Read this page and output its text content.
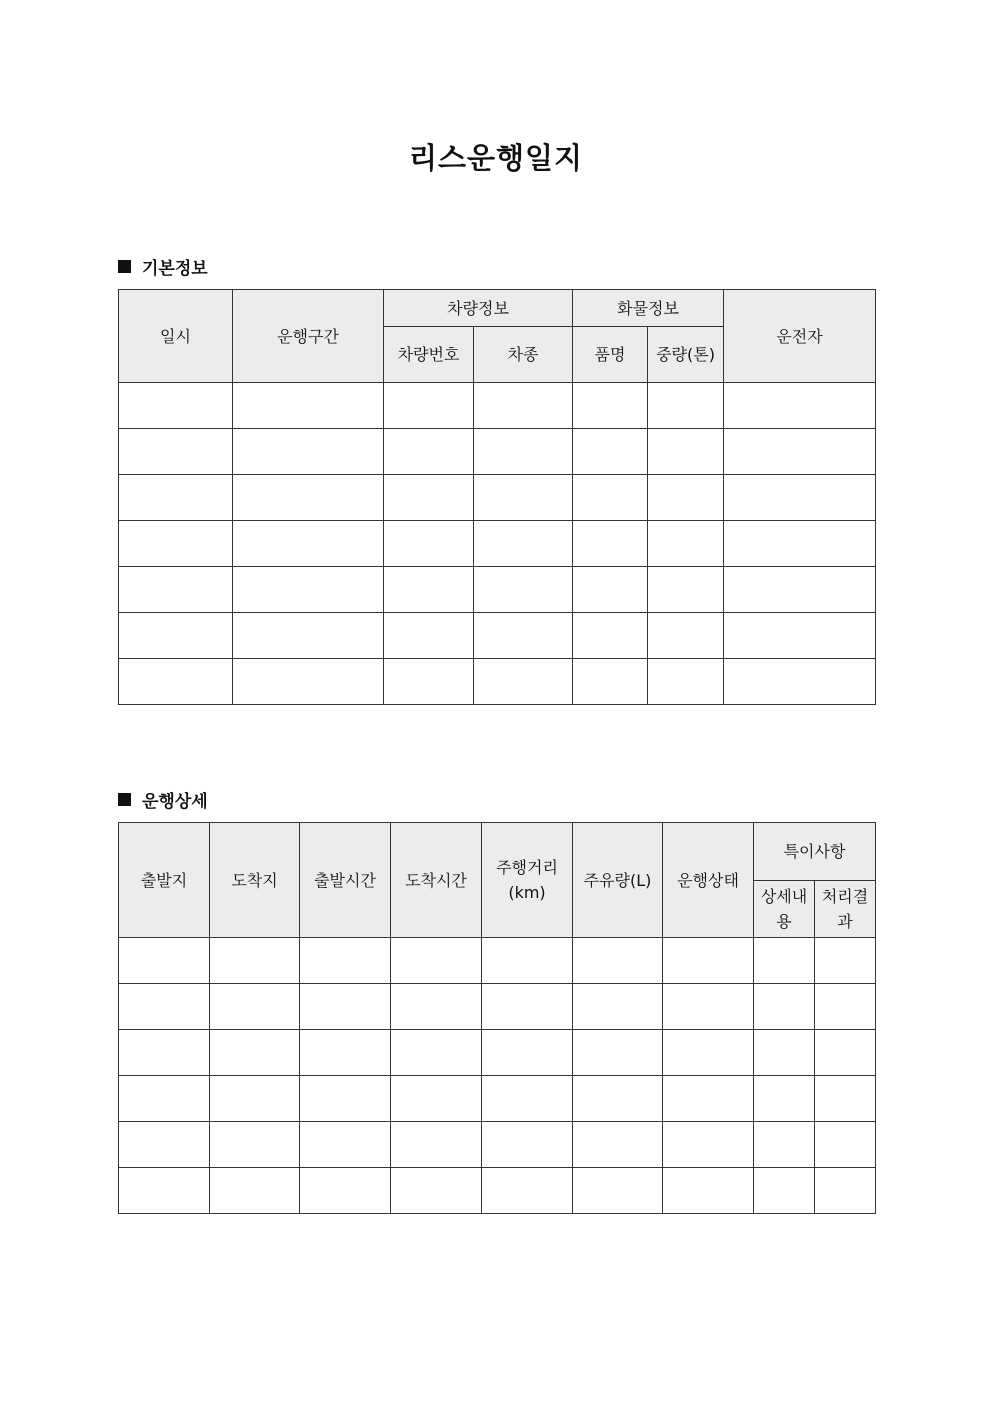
리스운행일지
기본정보
일시	운행구간	차량정보		화물정보		운전자
		차량번호	차종	품명	중량(톤)	

운행상세
출발지	도착지	출발시간	도착시간	주행거리(km)	주유량(L)	운행상태	특이사항	
							상세내용	처리결과
